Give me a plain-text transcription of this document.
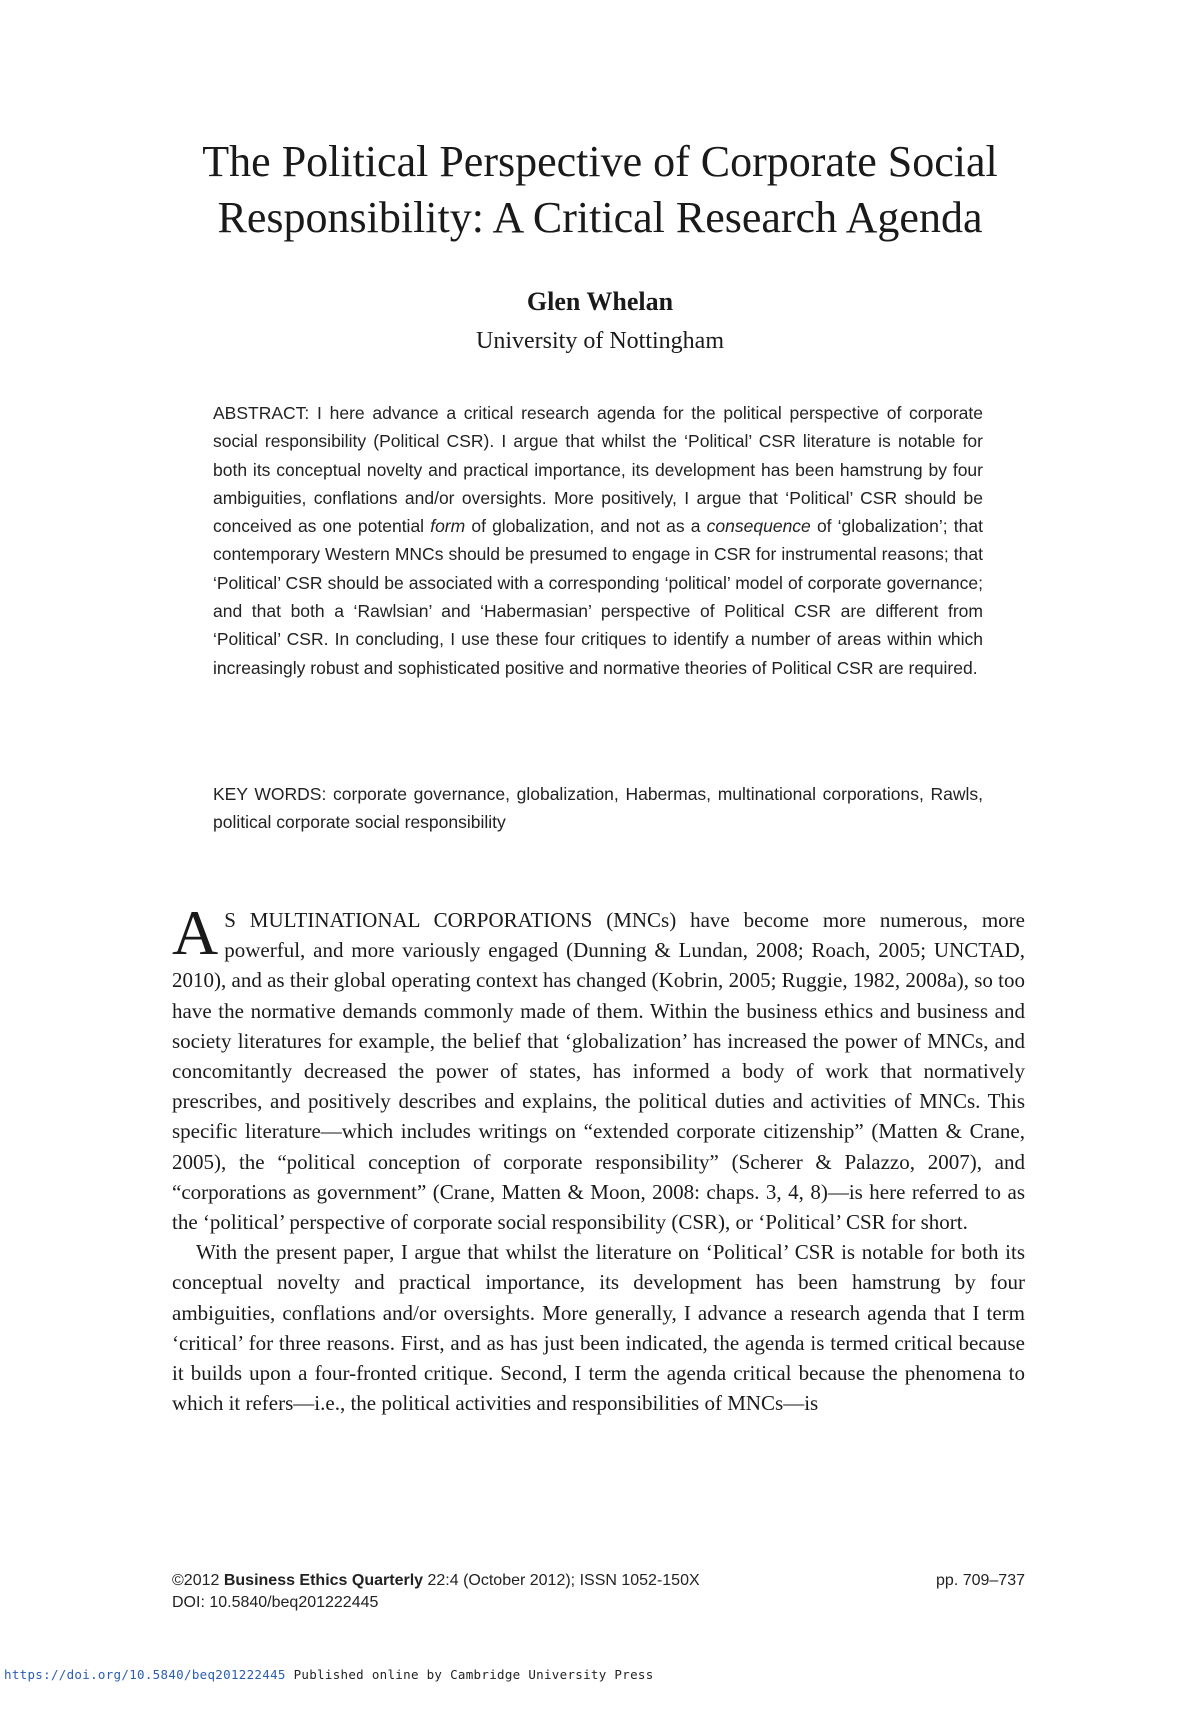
The Political Perspective of Corporate Social
Responsibility: A Critical Research Agenda
Glen Whelan
University of Nottingham
ABSTRACT: I here advance a critical research agenda for the political perspective of corporate social responsibility (Political CSR). I argue that whilst the ‘Political’ CSR literature is notable for both its conceptual novelty and practical importance, its development has been hamstrung by four ambiguities, conflations and/or oversights. More positively, I argue that ‘Political’ CSR should be conceived as one potential form of globalization, and not as a consequence of ‘globalization’; that contemporary Western MNCs should be presumed to engage in CSR for instrumental reasons; that ‘Political’ CSR should be associated with a corresponding ‘political’ model of corporate governance; and that both a ‘Rawlsian’ and ‘Habermasian’ perspective of Political CSR are different from ‘Political’ CSR. In concluding, I use these four critiques to identify a number of areas within which increasingly robust and sophisticated positive and normative theories of Political CSR are required.
KEY WORDS: corporate governance, globalization, Habermas, multinational corporations, Rawls, political corporate social responsibility

A S MULTINATIONAL CORPORATIONS (MNCs) have become more numerous, more powerful, and more variously engaged (Dunning & Lundan, 2008; Roach, 2005; UNCTAD, 2010), and as their global operating context has changed (Kobrin, 2005; Ruggie, 1982, 2008a), so too have the normative demands commonly made of them. Within the business ethics and business and society literatures for example, the belief that ‘globalization’ has increased the power of MNCs, and concomitantly decreased the power of states, has informed a body of work that normatively prescribes, and positively describes and explains, the political duties and activities of MNCs. This specific literature—which includes writings on “extended corporate citizenship” (Matten & Crane, 2005), the “political conception of corporate responsibility” (Scherer & Palazzo, 2007), and “corporations as government” (Crane, Matten & Moon, 2008: chaps. 3, 4, 8)—is here referred to as the ‘political’ perspective of corporate social responsibility (CSR), or ‘Political’ CSR for short.

With the present paper, I argue that whilst the literature on ‘Political’ CSR is notable for both its conceptual novelty and practical importance, its development has been hamstrung by four ambiguities, conflations and/or oversights. More generally, I advance a research agenda that I term ‘critical’ for three reasons. First, and as has just been indicated, the agenda is termed critical because it builds upon a four-fronted critique. Second, I term the agenda critical because the phenomena to which it refers—i.e., the political activities and responsibilities of MNCs—is

©2012 Business Ethics Quarterly 22:4 (October 2012); ISSN 1052-150X
DOI: 10.5840/beq201222445
pp. 709–737
https://doi.org/10.5840/beq201222445 Published online by Cambridge University Press
